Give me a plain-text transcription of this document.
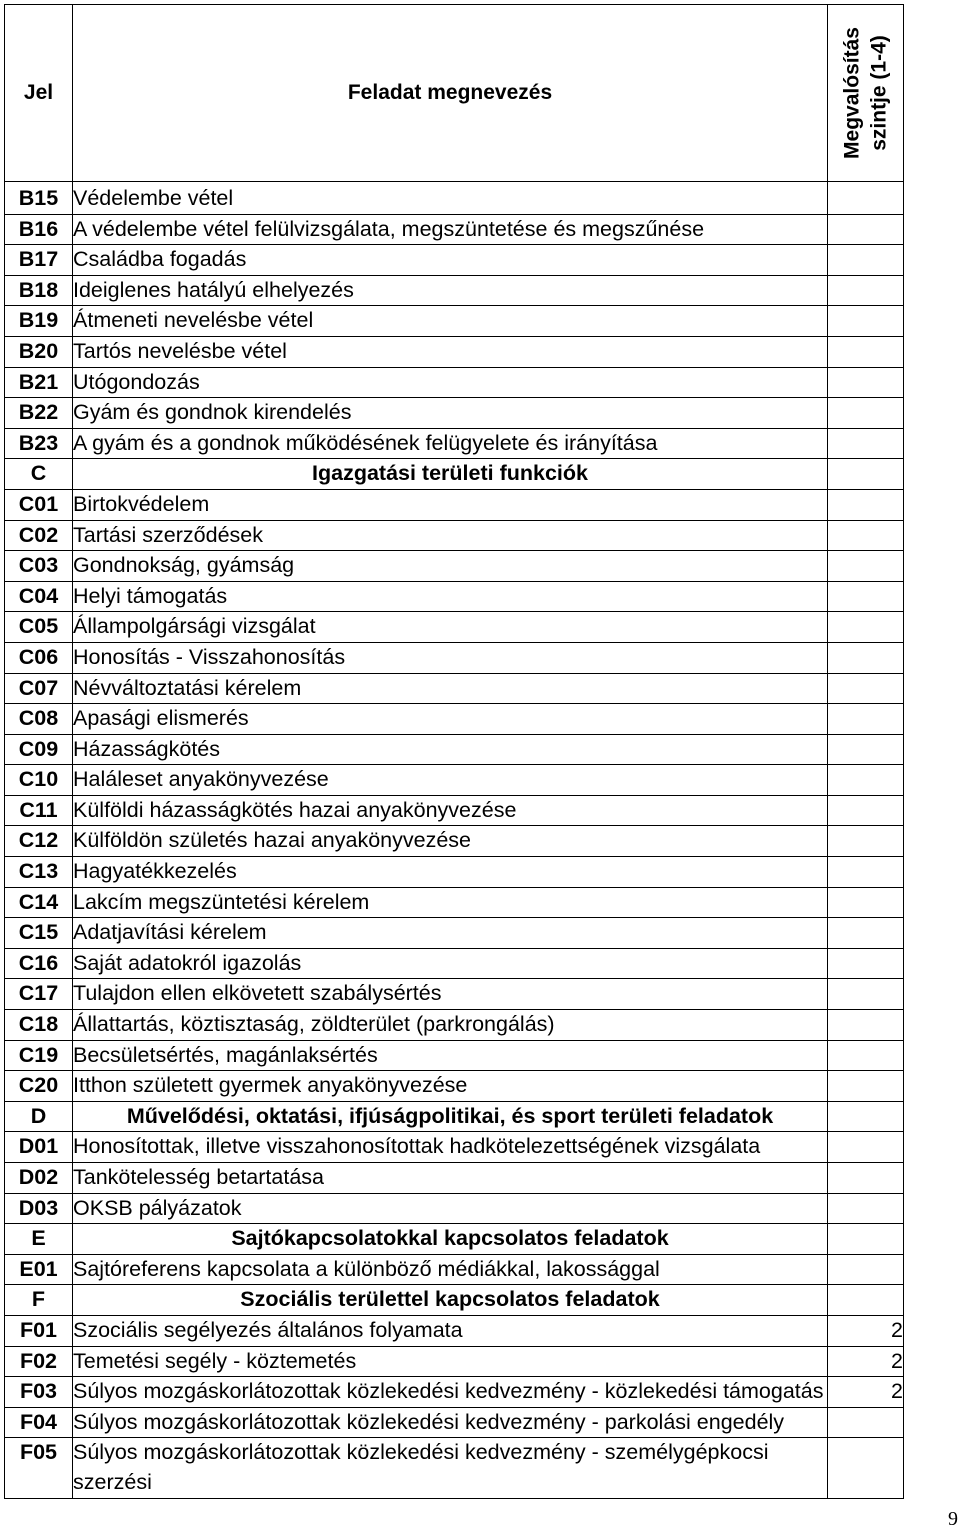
Jel	Feladat megnevezés	Megvalósítás szintje (1-4)

B15	Védelembe vétel	
B16	A védelembe vétel felülvizsgálata, megszüntetése és megszűnése	
B17	Családba fogadás	
B18	Ideiglenes hatályú elhelyezés	
B19	Átmeneti nevelésbe vétel	
B20	Tartós nevelésbe vétel	
B21	Utógondozás	
B22	Gyám és gondnok kirendelés	
B23	A gyám és a gondnok működésének felügyelete és irányítása	
C	Igazgatási területi funkciók	
C01	Birtokvédelem	
C02	Tartási szerződések	
C03	Gondnokság, gyámság	
C04	Helyi támogatás	
C05	Állampolgársági vizsgálat	
C06	Honosítás - Visszahonosítás	
C07	Névváltoztatási kérelem	
C08	Apasági elismerés	
C09	Házasságkötés	
C10	Haláleset anyakönyvezése	
C11	Külföldi házasságkötés hazai anyakönyvezése	
C12	Külföldön születés hazai anyakönyvezése	
C13	Hagyatékkezelés	
C14	Lakcím megszüntetési kérelem	
C15	Adatjavítási kérelem	
C16	Saját adatokról igazolás	
C17	Tulajdon ellen elkövetett szabálysértés	
C18	Állattartás, köztisztaság, zöldterület (parkrongálás)	
C19	Becsületsértés, magánlaksértés	
C20	Itthon született gyermek anyakönyvezése	
D	Művelődési, oktatási, ifjúságpolitikai, és sport területi feladatok	
D01	Honosítottak, illetve visszahonosítottak hadkötelezettségének vizsgálata	
D02	Tankötelesség betartatása	
D03	OKSB pályázatok	
E	Sajtókapcsolatokkal kapcsolatos feladatok	
E01	Sajtóreferens kapcsolata a különböző médiákkal, lakossággal	
F	Szociális területtel kapcsolatos feladatok	
F01	Szociális segélyezés általános folyamata	2
F02	Temetési segély - köztemetés	2
F03	Súlyos mozgáskorlátozottak közlekedési kedvezmény - közlekedési támogatás	2
F04	Súlyos mozgáskorlátozottak közlekedési kedvezmény - parkolási engedély	
F05	Súlyos mozgáskorlátozottak közlekedési kedvezmény - személygépkocsi szerzési	
9
